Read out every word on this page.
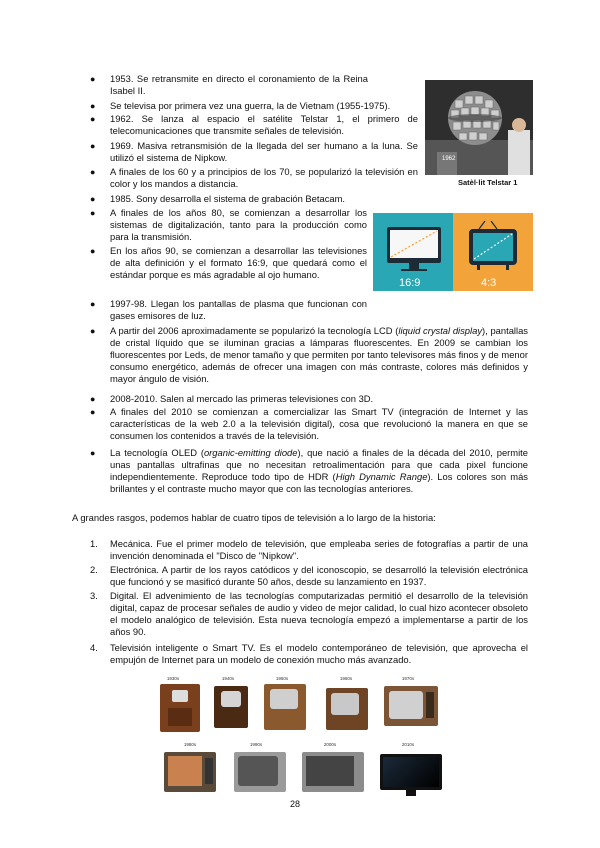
● 1953. Se retransmite en directo el coronamiento de la Reina Isabel II.
● Se televisa por primera vez una guerra, la de Vietnam (1955-1975).
● 1962. Se lanza al espacio el satélite Telstar 1, el primero de telecomunicaciones que transmite señales de televisión.
● 1969. Masiva retransmisión de la llegada del ser humano a la luna. Se utilizó el sistema de Nipkow.
● A finales de los 60 y a principios de los 70, se popularizó la televisión en color y los mandos a distancia.
● 1985. Sony desarrolla el sistema de grabación Betacam.
● A finales de los años 80, se comienzan a desarrollar los sistemas de digitalización, tanto para la producción como para la transmisión.
● En los años 90, se comienzan a desarrollar las televisiones de alta definición y el formato 16:9, que quedará como el estándar porque es más agradable al ojo humano.
● 1997-98. Llegan los pantallas de plasma que funcionan con gases emisores de luz.
● A partir del 2006 aproximadamente se popularizó la tecnología LCD (liquid crystal display), pantallas de cristal líquido que se iluminan gracias a lámparas fluorescentes. En 2009 se cambian los fluorescentes por Leds, de menor tamaño y que permiten por tanto televisores más finos y de menor consumo energético, además de ofrecer una imagen con más contraste, colores más definidos y mayor ángulo de visión.
● 2008-2010. Salen al mercado las primeras televisiones con 3D.
● A finales del 2010 se comienzan a comercializar las Smart TV (integración de Internet y las características de la web 2.0 a la televisión digital), cosa que revolucionó la manera en que se consumen los contenidos a través de la televisión.
● La tecnología OLED (organic-emitting diode), que nació a finales de la década del 2010, permite unas pantallas ultrafinas que no necesitan retroalimentación para que cada pixel funcione independientemente. Reproduce todo tipo de HDR (High Dynamic Range). Los colores son más brillantes y el contraste mucho mayor que con las tecnologías anteriores.
A grandes rasgos, podemos hablar de cuatro tipos de televisión a lo largo de la historia:
1. Mecánica. Fue el primer modelo de televisión, que empleaba series de fotografías a partir de una invención denominada el "Disco de "Nipkow".
2. Electrónica. A partir de los rayos catódicos y del iconoscopio, se desarrolló la televisión electrónica que funcionó y se masificó durante 50 años, desde su lanzamiento en 1937.
3. Digital. El advenimiento de las tecnologías computarizadas permitió el desarrollo de la televisión digital, capaz de procesar señales de audio y video de mejor calidad, lo cual hizo acontecer obsoleto el modelo analógico de televisión. Esta nueva tecnología empezó a implementarse a partir de los años 90.
4. Televisión inteligente o Smart TV. Es el modelo contemporáneo de televisión, que aprovecha el empujón de Internet para un modelo de conexión mucho más avanzado.
1962
Satèl·lit Telstar 1
16:9	4:3
1930s	1940s	1950s	1960s	1970s
1980s	1990s	2000s	2010s
28
